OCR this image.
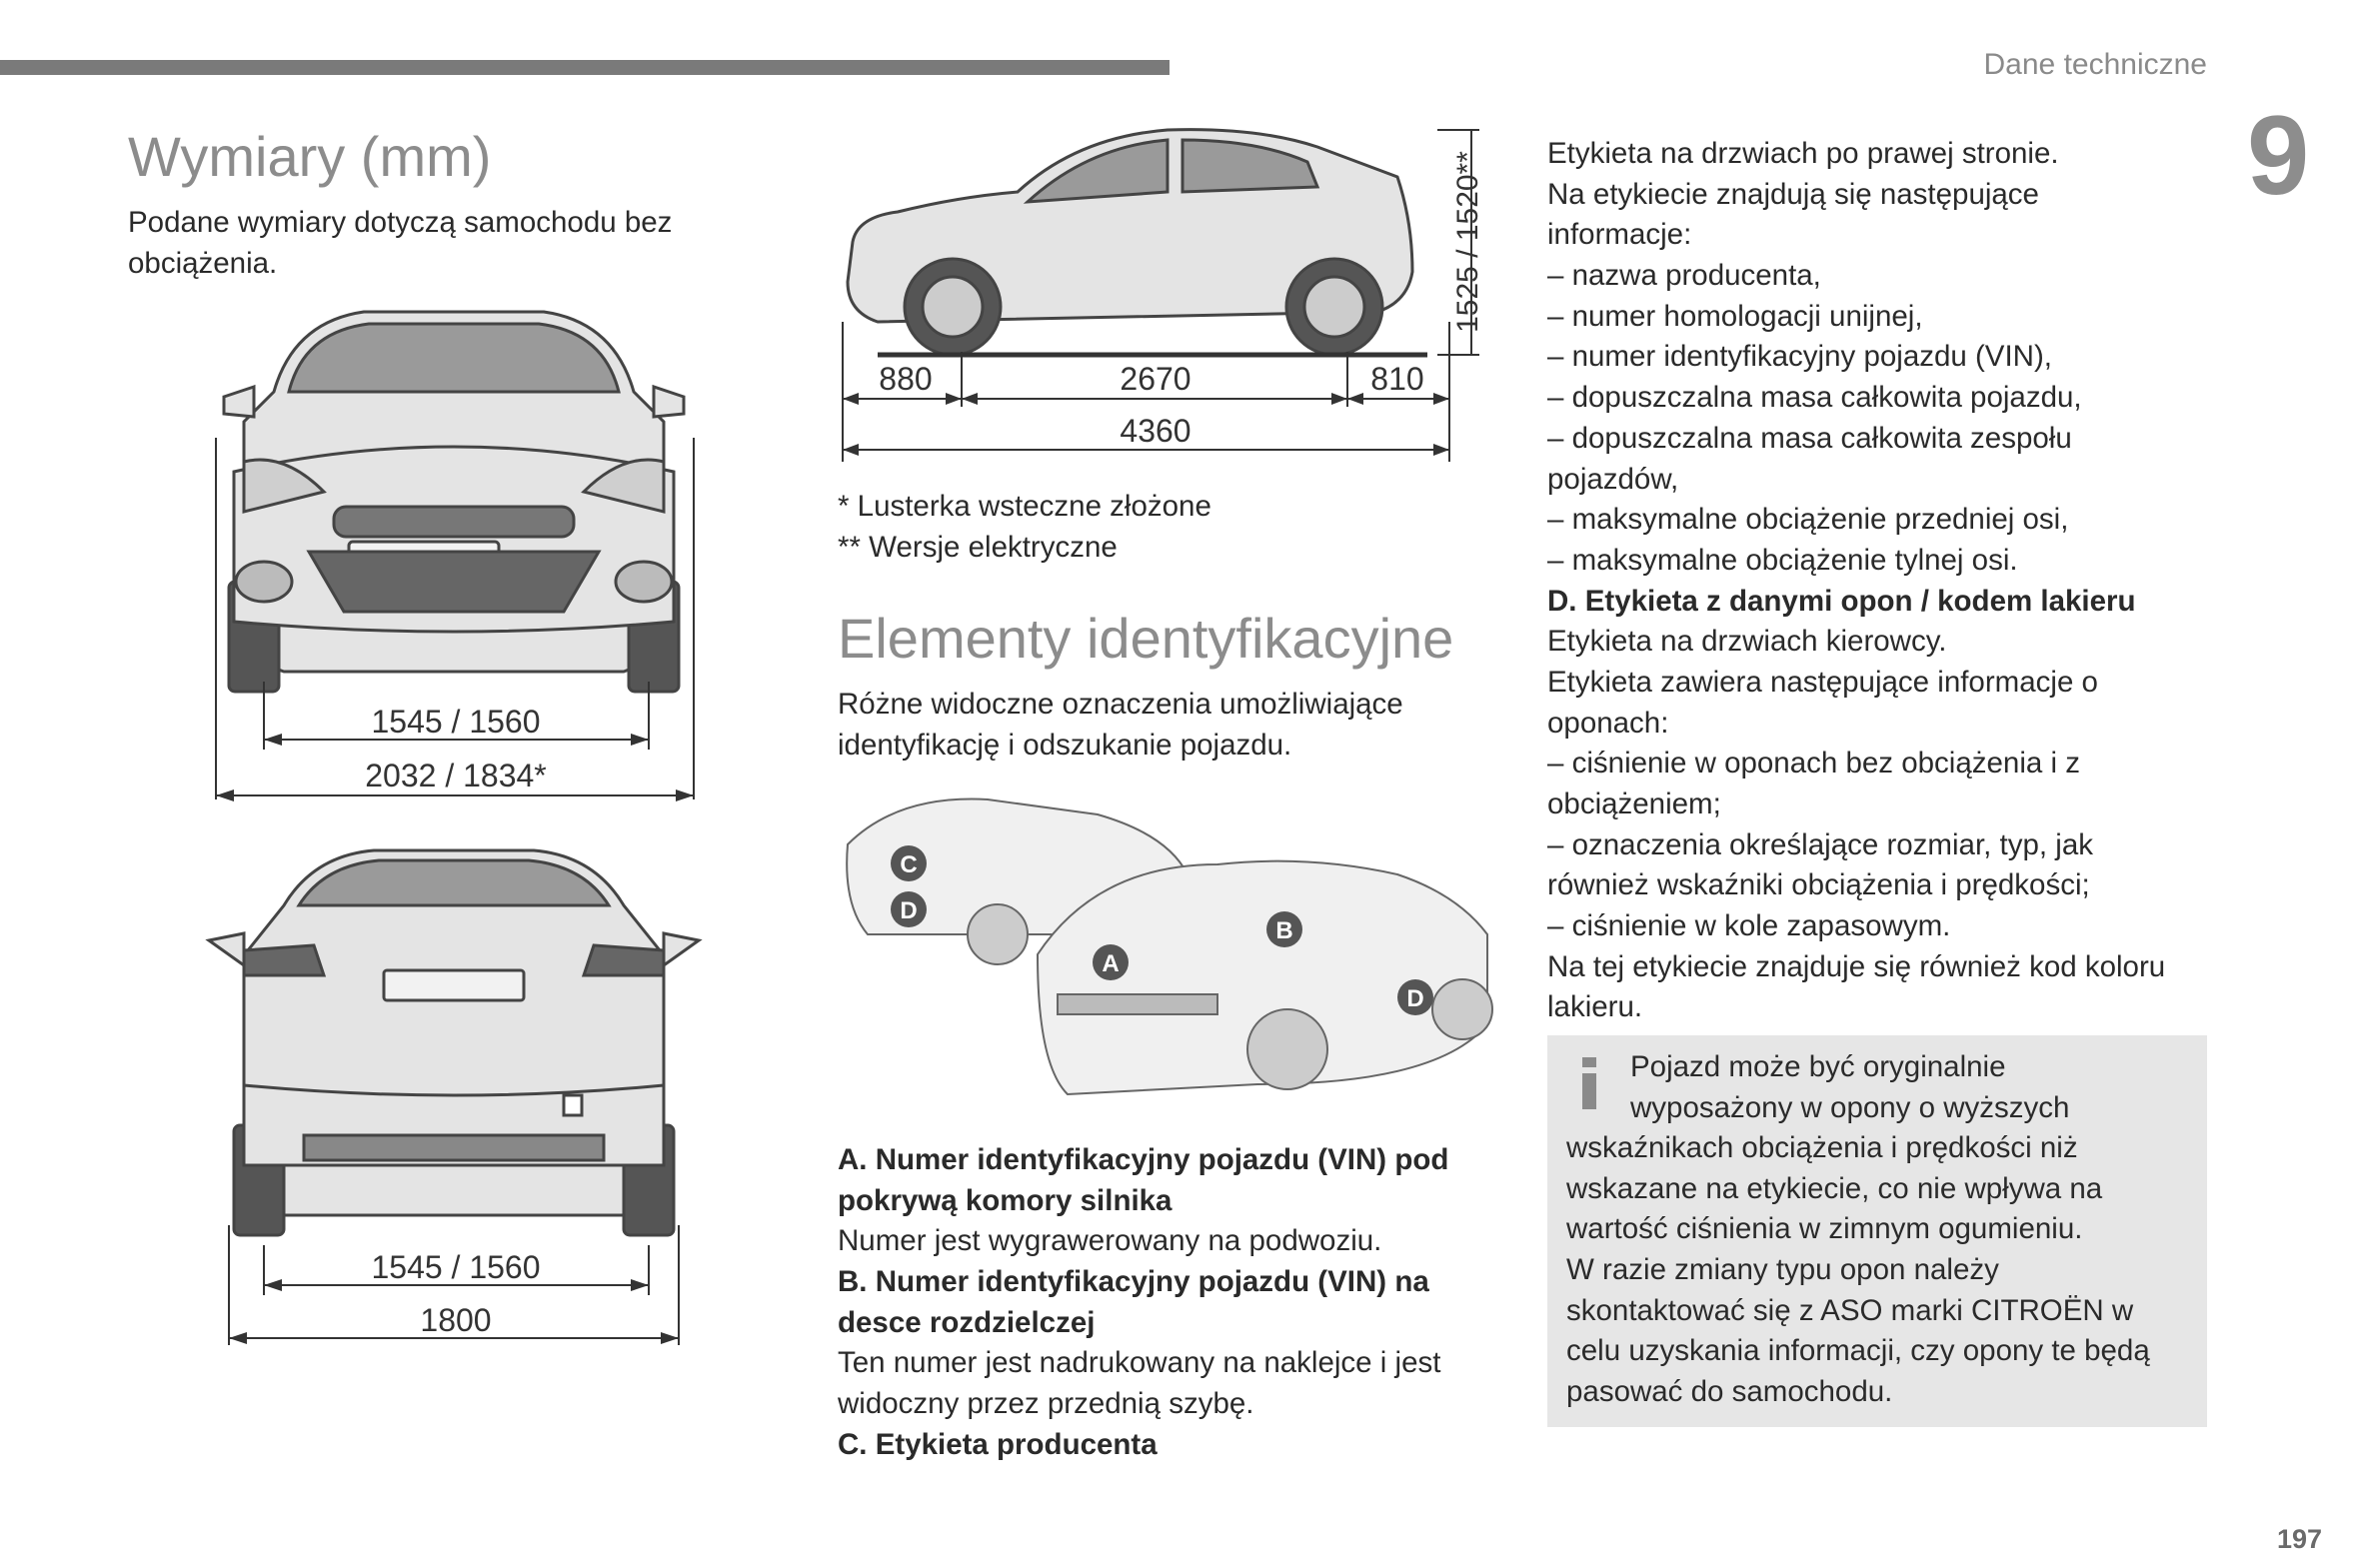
Dane techniczne
9
Wymiary (mm)
Podane wymiary dotyczą samochodu bez
obciążenia.
1545 / 1560
2032 / 1834*
1545 / 1560
1800
880	2670	810
4360
1525 / 1520**
* Lusterka wsteczne złożone
** Wersje elektryczne
Elementy identyfikacyjne
Różne widoczne oznaczenia umożliwiające
identyfikację i odszukanie pojazdu.
C
D
A
B
D
A. Numer identyfikacyjny pojazdu (VIN) pod
pokrywą komory silnika
Numer jest wygrawerowany na podwoziu.
B. Numer identyfikacyjny pojazdu (VIN) na
desce rozdzielczej
Ten numer jest nadrukowany na naklejce i jest
widoczny przez przednią szybę.
C. Etykieta producenta
Etykieta na drzwiach po prawej stronie.
Na etykiecie znajdują się następujące
informacje:
– nazwa producenta,
– numer homologacji unijnej,
– numer identyfikacyjny pojazdu (VIN),
– dopuszczalna masa całkowita pojazdu,
– dopuszczalna masa całkowita zespołu
pojazdów,
– maksymalne obciążenie przedniej osi,
– maksymalne obciążenie tylnej osi.
D. Etykieta z danymi opon / kodem lakieru
Etykieta na drzwiach kierowcy.
Etykieta zawiera następujące informacje o
oponach:
– ciśnienie w oponach bez obciążenia i z
obciążeniem;
– oznaczenia określające rozmiar, typ, jak
również wskaźniki obciążenia i prędkości;
– ciśnienie w kole zapasowym.
Na tej etykiecie znajduje się również kod koloru
lakieru.
Pojazd może być oryginalnie
wyposażony w opony o wyższych
wskaźnikach obciążenia i prędkości niż
wskazane na etykiecie, co nie wpływa na
wartość ciśnienia w zimnym ogumieniu.
W razie zmiany typu opon należy
skontaktować się z ASO marki CITROËN w
celu uzyskania informacji, czy opony te będą
pasować do samochodu.
197
